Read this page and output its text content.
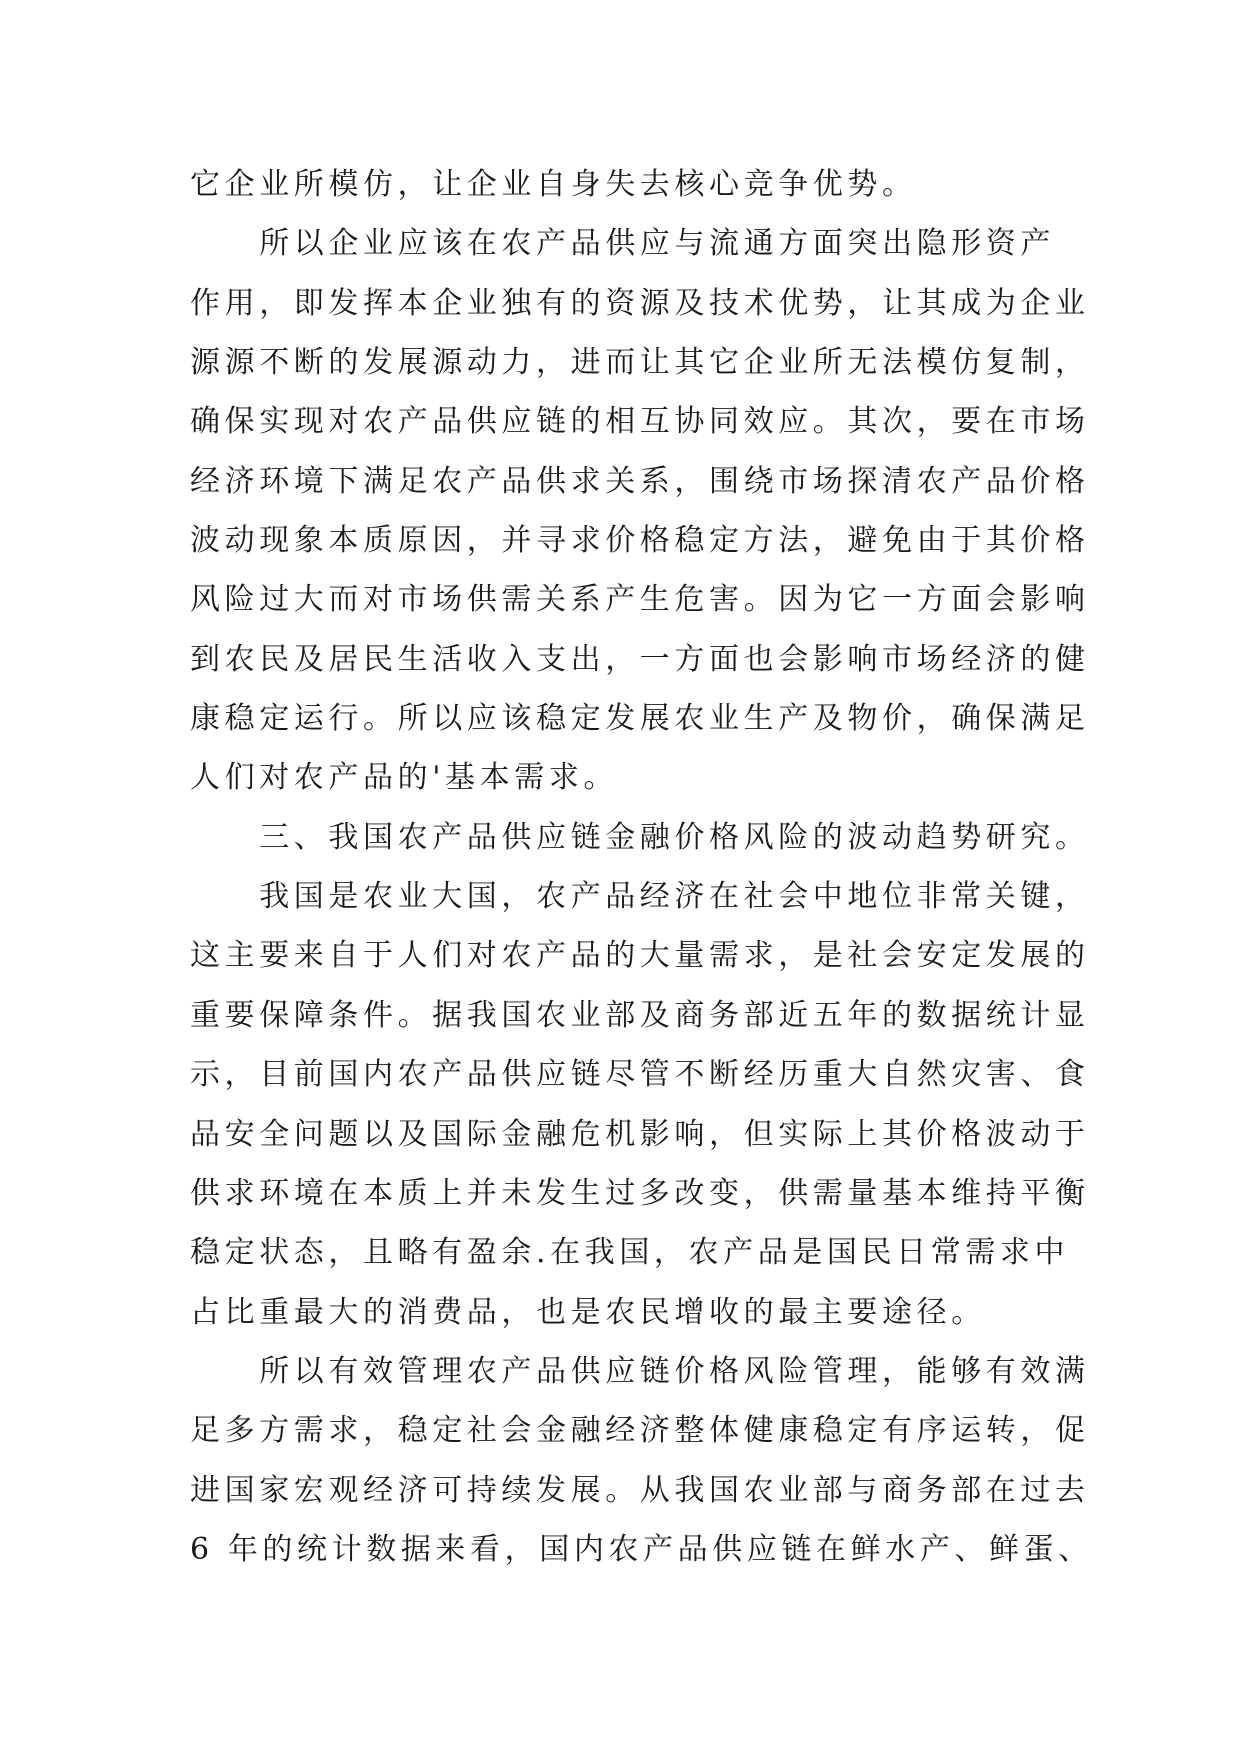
它企业所模仿，让企业自身失去核心竞争优势。
　　所以企业应该在农产品供应与流通方面突出隐形资产
作用，即发挥本企业独有的资源及技术优势，让其成为企业
源源不断的发展源动力，进而让其它企业所无法模仿复制，
确保实现对农产品供应链的相互协同效应。其次，要在市场
经济环境下满足农产品供求关系，围绕市场探清农产品价格
波动现象本质原因，并寻求价格稳定方法，避免由于其价格
风险过大而对市场供需关系产生危害。因为它一方面会影响
到农民及居民生活收入支出，一方面也会影响市场经济的健
康稳定运行。所以应该稳定发展农业生产及物价，确保满足
人们对农产品的'基本需求。
　　三、我国农产品供应链金融价格风险的波动趋势研究。
　　我国是农业大国，农产品经济在社会中地位非常关键，
这主要来自于人们对农产品的大量需求，是社会安定发展的
重要保障条件。据我国农业部及商务部近五年的数据统计显
示，目前国内农产品供应链尽管不断经历重大自然灾害、食
品安全问题以及国际金融危机影响，但实际上其价格波动于
供求环境在本质上并未发生过多改变，供需量基本维持平衡
稳定状态，且略有盈余.在我国，农产品是国民日常需求中
占比重最大的消费品，也是农民增收的最主要途径。
　　所以有效管理农产品供应链价格风险管理，能够有效满
足多方需求，稳定社会金融经济整体健康稳定有序运转，促
进国家宏观经济可持续发展。从我国农业部与商务部在过去
6 年的统计数据来看，国内农产品供应链在鲜水产、鲜蛋、
